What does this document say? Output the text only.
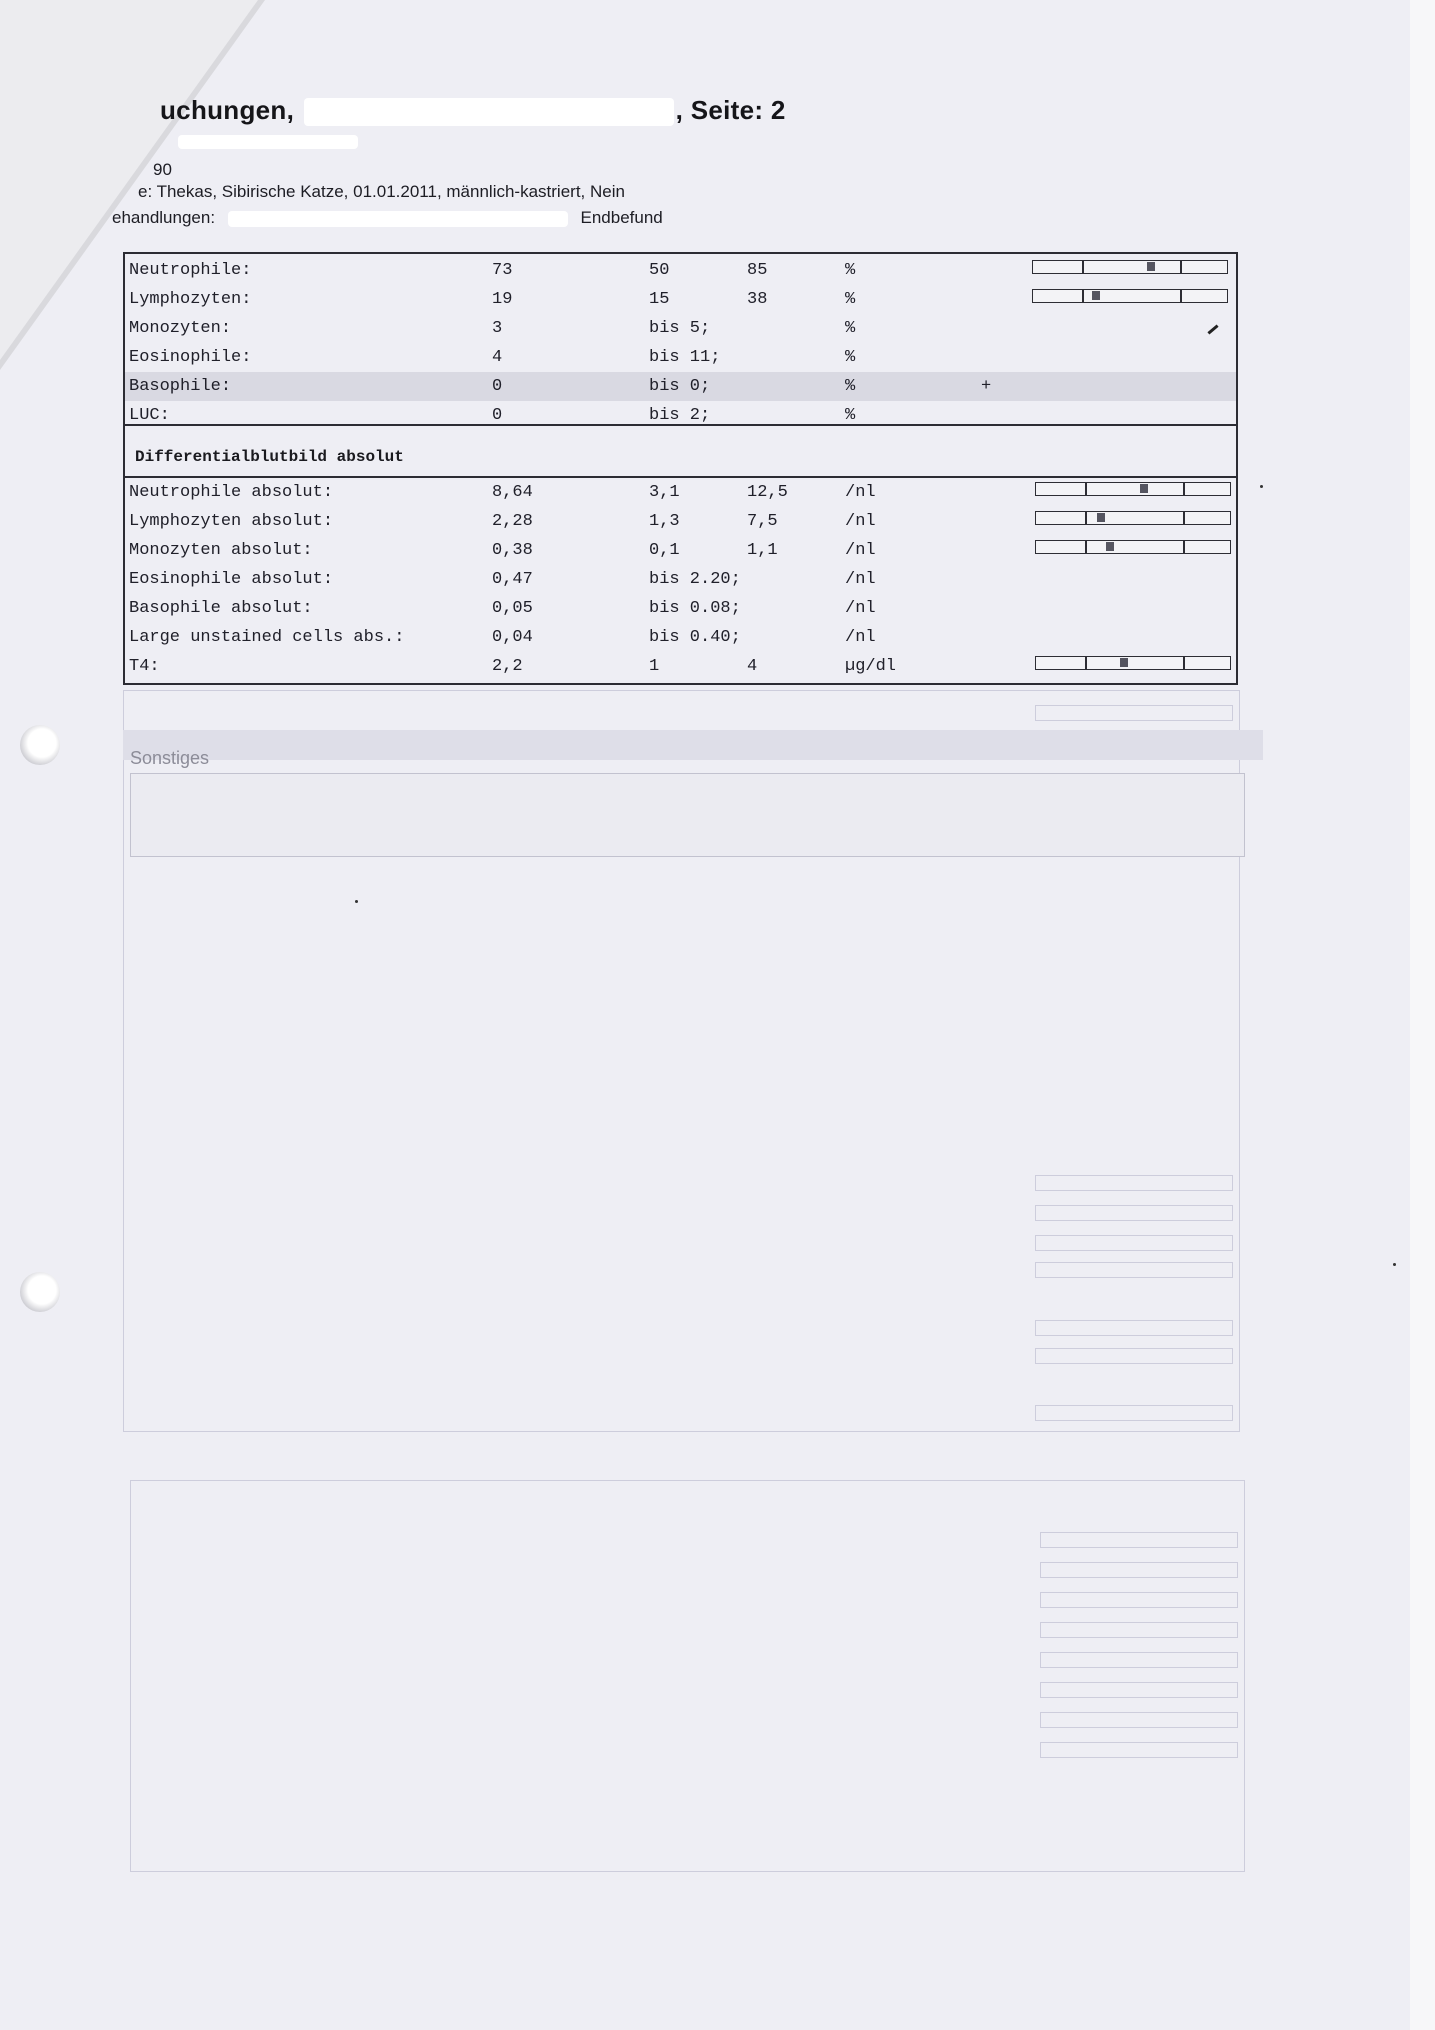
uchungen,	, Seite: 2
90
e: Thekas, Sibirische Katze, 01.01.2011, männlich-kastriert, Nein
ehandlungen:	Endbefund
Differentialblutbild absolut
Neutrophile:	73	50	85	%
Lymphozyten:	19	15	38	%
Monozyten:	3	bis 5;	%
Eosinophile:	4	bis 11;	%
Basophile:	0	bis 0;	%	+
LUC:	0	bis 2;	%
Neutrophile absolut:	8,64	3,1	12,5	/nl
Lymphozyten absolut:	2,28	1,3	7,5	/nl
Monozyten absolut:	0,38	0,1	1,1	/nl
Eosinophile absolut:	0,47	bis 2.20;	/nl
Basophile absolut:	0,05	bis 0.08;	/nl
Large unstained cells abs.:	0,04	bis 0.40;	/nl
T4:	2,2	1	4	µg/dl
Sonstiges
